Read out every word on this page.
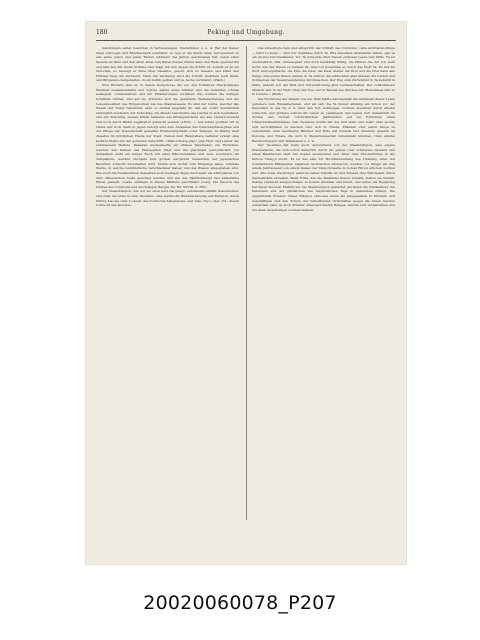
180	Peking und Umgebung.

handlungen selbst besuchen in Verbeugungen, Niederknien u. s. w. Hat der Kaiser diese vollzogen und Räucherwerk verbrannt, so legt er ein Stück Atlas, auf welchem er alle seine guten und edlen Thaten während des Jahres geschrieben hat, nebst einer Spende an Wein und den Altar, kniet zum Beten nieder, nimmt dann den Wein, spendet ihn und läßt nun mit lauter Stimme oder klagt mit den Augen die Schrift ab, kommt er an ein Verschen, so bezeugt er Reue über dasselbe, gelobt, sich zu bessern und bittet den Himmel hage um Verbauch. Nach der Verlesung wird die Schrift, nachdem noch Dank- und Bittgebete festgehalten, in ein Gefäß gethan und zu Asche verbrannt. (Plath.)

Drei Büchers sind es, in denen Kong-fu-tse die von den Vorfahren überkommene Weisheit zusammenfaßte und welche später seine Schüler und die Gelehrten Chinas auslegten, commentirten und mit Erläuterungen versahen; das wurden die heiligen Schriften Chinas, und auf sie gründete sich die gesammte Weltanschauung und die Lebensweisheit des Eingebornen wie des Staatswesens. Es sind der I-king, welcher das Wesen der Natur behandelt, aber so dunkel abgefaßt ist, daß ein voller Verständniß unmöglich erscheint; der Schu-king, die älteste Geschichte des Landes in sich begreifend, und der Schi-king, dessen Inhalt teilweise aus Sittengedichten wie aus Liedern besteht und noch durch Bilder zugänglich gemacht werden (1833). — Auf seiner größten Ort in China und noch mehr in Japan befolgt eine dem Andenken des Nationalphilosophen und der Pflege der Wissenschaft geweihte Erinnerungshalle (oder Tempel). In Peking liegt dieselbe im nördlichen Theile der Stadt. Neben dem Hauptaltare befindet prangt eine lackirte Platte mit der goldenen Aufschrift: »Wan-schi-sse-piao« (der Herr und Lehrer der zehntausend Welten). Daneben wechselseitig ein offenes Tabernakel, ein Tischchen, welcher den Namen des Philosophen trägt und ihn gleichsam personificiert; vor demselben steht ein langer Tisch mit einer Räucherpfanne und zwei Leuchtern. Im Tempelhofe, welcher übrigens zum großen Aergerniß namentlich der japanischen Besucher schlecht unterhalten wird, finden sich rechts vom Eingange lange, schmale Steine, in welche buddhistische verschiedener Kaiser und des Weisen eingegraben sind. Wie auch die Nachkommen desselben noch heutigen Tages nach mehr als 2400 Jahren von dem chinesischen Volke geachtet werden und wie das Familienhaupt fast kaiserliche Ehren genießt, wurde unlängst in diesen Blättern geschildert (vergl. Ein Besuch des Grabes des Confucius und des heiligen Berges Tai. Bd. XXVIII, S. 285).

Der Staatsreligion, wie wir sie oben kurz dargelegt, entstanden allmäh Nebenbuhler, und zwar der erste in dem Taoismus, eine mystische Weltanschauung und Religion, deren Stifter, Lao-tse oder Lo-hsun, des Confucius Zeitgenosse, war. Das »Tao« oder »Ta« dieser Lehre ist das absolute,

das unbedingte Sein und entspricht der Urkraft des Confucius. »Alle sichtbaren Dinge — lehrt Lo-hsun — sind nur Ausflüsse durch Ta. Ehe dieselben entstanden waren, gab es ein großes Durcheinander. Vor Ta schwebte über diesen endlosen Leere und Stille. Es ist unermeßlich, still, unbewegbar und doch beständig thätig, die Mutter des All. Ich weiß nicht, wie das Wesen zu nennen ist, aber ich bezeichne es durch das Wort Ta. Es hat die Wort hervorgebracht, die Eins die Zwei, die Zwei wieder die Drei und die Drei dann alle Dinge. Alle guten Wesen sehnen in Ta zurück; die schlechten aber müssen die Leiden und Schmerzen der Seelenwanderung durchmachen. Der Weg zum Zurückfluß in Ta befiehlt in Stille, Abkehr von der Welt und Unterdrückung aller Leidenschaften. Der vollkommene Mensch lebt in der Welt ruhig und frei; nur in Betreff des Glückes der Menschheit lebt er in Unruhe.« (Plath.)

Die Forderung der Abkehr von der Welt führte naturgemäß die Anhänger dieser Lehre geradezu zum Einsiedlerleben, und als sich die Ta immer allmälig ein Schon vor der Kaisertitel in das Ta, d. h. über den Tod, aufsteigen, suchten dieselben durch allerlei schlechte und größere Lehren ihr Leben zu verlängern und legten sich namentlich im dritten und vierten vorchristlichen Jahrhundert auf die Erfindung eines Unsterblichkeitstrankes. Den Taoismus wurde mit der Zeit mehr und mehr: man suchte sich zurückführen zu machen oder sich in Thiere, Pflanzen oder selbst Dinge zu verwandeln, man bevölkerte Himmel und Erde mit Göttern und Geistern, glaubte an Kobolde und Thiere, die sich in Menschengestalt verwandeln könnten, trieb allerlei Beschwörungen und Talismanen u. s. w.

Der Taoismus hat beim auch, abweichend von der Staatsreligion, eine eigene Priesterkaste, die sich schon äußerlich durch ihr gelbes oder schwarzes Gewand und einen Haarknoten statt des Zopfes auszeichnet und unter dem Thronwürdige in der Person Tiang-ji sticht. Es ist das eine Art Höchfabrwerteng des Tibetang, einer mit wunderbaren Fähigkeiten begabten taoistischen Zauberers, welcher vor länger als drei einem Jahrtausend von einem Kaiser der Tang-Dynastie zu hohen Ehren erhoben worden war. Alle seine Nachfolger gehören seiner Familie an und müssen ihre Würdigkeit durch Zauberkräfte erweisen. Beim Volke, das die Talismane theuer bezahlt, stehen sie überall, Peking vielleicht ausgenommen, in hohem Ansehen und Gunst, und selbst die Regierung hat ihnen insoweit Einfluß auf die Staatsreligion gestattet, als ihnen die Feststellung des Kalenders und der glücklichen wie unglücklichen Tage in demselben obliegt. Die eigentlichen Priester dieser Religion (Tau-sse) leben als Junggesellen in Klöstern und beschäftigen sich den Schutz der betreffenden Ortschaften gegen die bösen Geister. Außerdem giebt es noch Priester untergeordneten Ranges, welche sich verheirathen und bei ihren Angehörigen wohnen bleiben.

20020060078_P207
